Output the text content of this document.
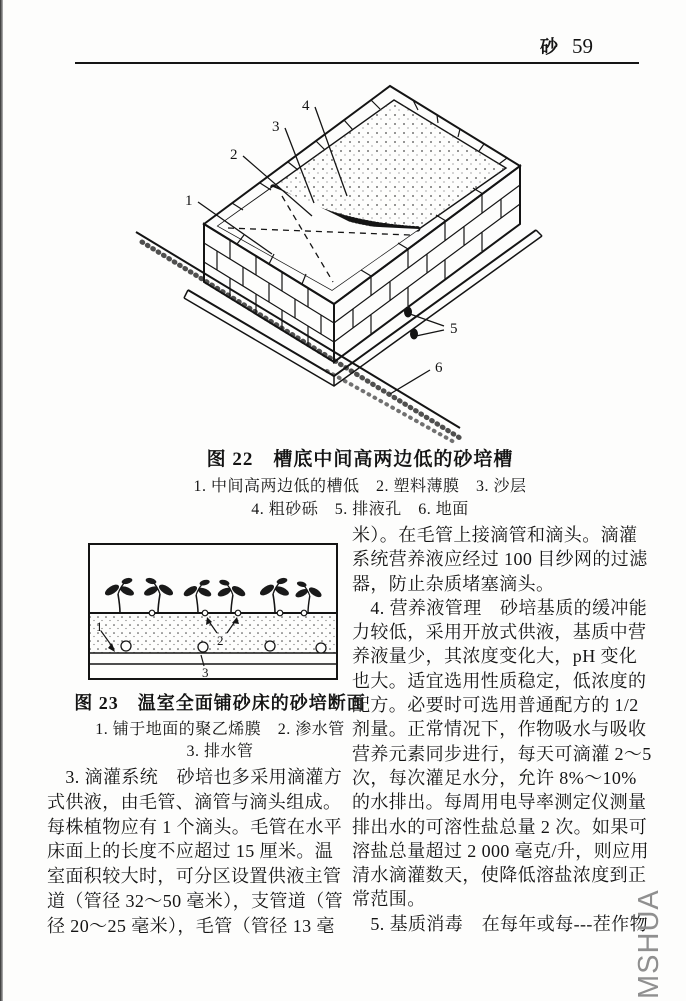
砂 59
1
2
3
4
5
6
图 22　槽底中间高两边低的砂培槽
1. 中间高两边低的槽低　2. 塑料薄膜　3. 沙层
4. 粗砂砾　5. 排液孔　6. 地面
1
2
3
图 23　温室全面铺砂床的砂培断面
1. 铺于地面的聚乙烯膜　2. 渗水管
3. 排水管
　3. 滴灌系统　砂培也多采用滴灌方
式供液，由毛管、滴管与滴头组成。
每株植物应有 1 个滴头。毛管在水平
床面上的长度不应超过 15 厘米。温
室面积较大时，可分区设置供液主管
道（管径 32～50 毫米），支管道（管
径 20～25 毫米），毛管（管径 13 毫
米）。在毛管上接滴管和滴头。滴灌
系统营养液应经过 100 目纱网的过滤
器，防止杂质堵塞滴头。
　4. 营养液管理　砂培基质的缓冲能
力较低，采用开放式供液，基质中营
养液量少，其浓度变化大，pH 变化
也大。适宜选用性质稳定，低浓度的
配方。必要时可选用普通配方的 1/2
剂量。正常情况下，作物吸水与吸收
营养元素同步进行，每天可滴灌 2～5
次，每次灌足水分，允许 8%～10%
的水排出。每周用电导率测定仪测量
排出水的可溶性盐总量 2 次。如果可
溶盐总量超过 2 000 毫克/升，则应用
清水滴灌数天，使降低溶盐浓度到正
常范围。
　5. 基质消毒　在每年或每---茬作物
MSHUA
